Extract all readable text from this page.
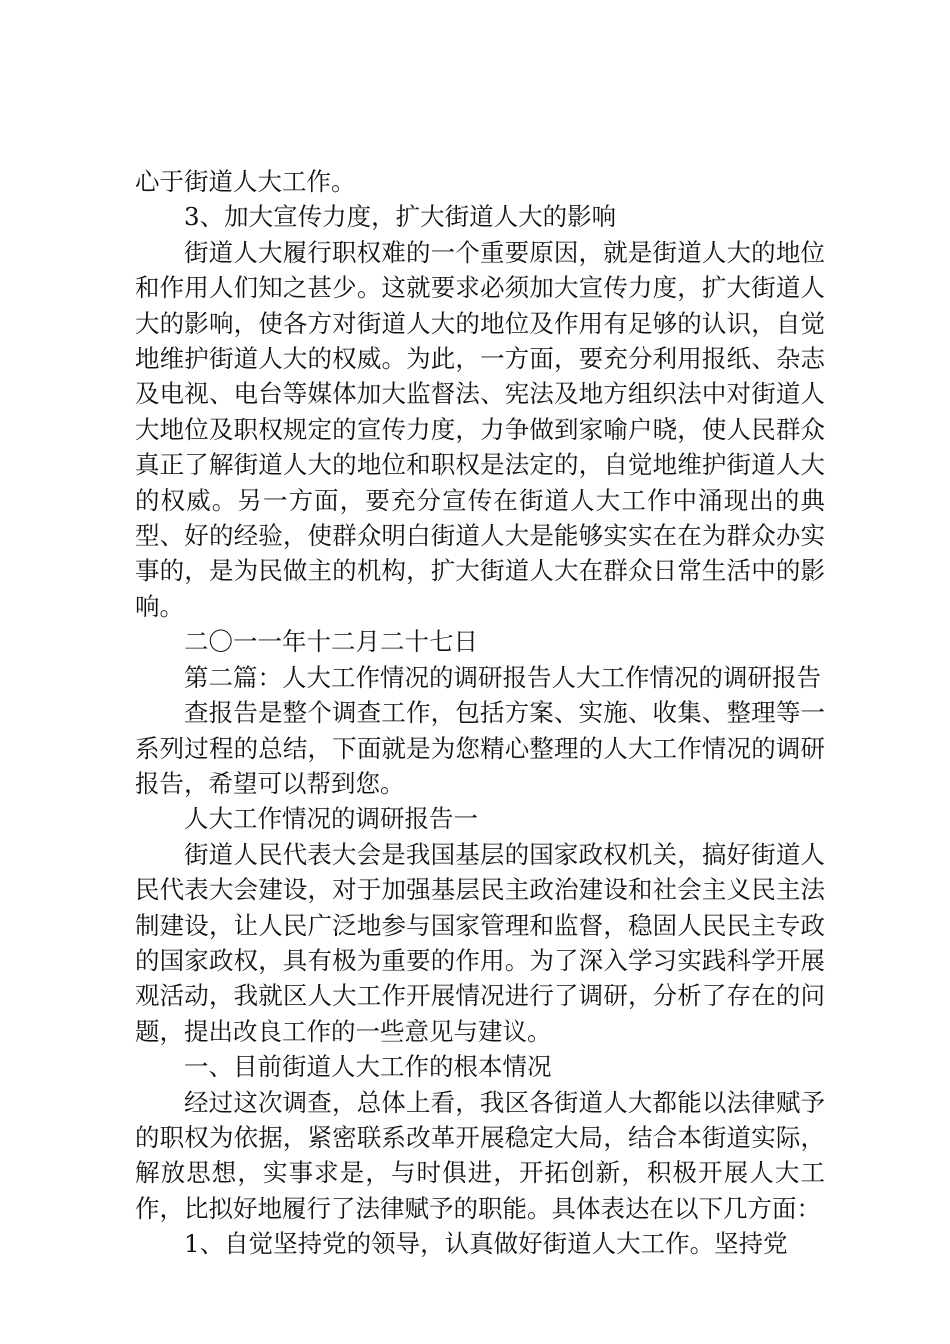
心于街道人大工作。

3、加大宣传力度，扩大街道人大的影响

街道人大履行职权难的一个重要原因，就是街道人大的地位和作用人们知之甚少。这就要求必须加大宣传力度，扩大街道人大的影响，使各方对街道人大的地位及作用有足够的认识，自觉地维护街道人大的权威。为此，一方面，要充分利用报纸、杂志及电视、电台等媒体加大监督法、宪法及地方组织法中对街道人大地位及职权规定的宣传力度，力争做到家喻户晓，使人民群众真正了解街道人大的地位和职权是法定的，自觉地维护街道人大的权威。另一方面，要充分宣传在街道人大工作中涌现出的典型、好的经验，使群众明白街道人大是能够实实在在为群众办实事的，是为民做主的机构，扩大街道人大在群众日常生活中的影响。

二〇一一年十二月二十七日

第二篇：人大工作情况的调研报告人大工作情况的调研报告

查报告是整个调查工作，包括方案、实施、收集、整理等一系列过程的总结，下面就是为您精心整理的人大工作情况的调研报告，希望可以帮到您。

人大工作情况的调研报告一

街道人民代表大会是我国基层的国家政权机关，搞好街道人民代表大会建设，对于加强基层民主政治建设和社会主义民主法制建设，让人民广泛地参与国家管理和监督，稳固人民民主专政的国家政权，具有极为重要的作用。为了深入学习实践科学开展观活动，我就区人大工作开展情况进行了调研，分析了存在的问题，提出改良工作的一些意见与建议。

一、目前街道人大工作的根本情况

经过这次调查，总体上看，我区各街道人大都能以法律赋予的职权为依据，紧密联系改革开展稳定大局，结合本街道实际，解放思想，实事求是，与时俱进，开拓创新，积极开展人大工作，比拟好地履行了法律赋予的职能。具体表达在以下几方面：

1、自觉坚持党的领导，认真做好街道人大工作。坚持党
